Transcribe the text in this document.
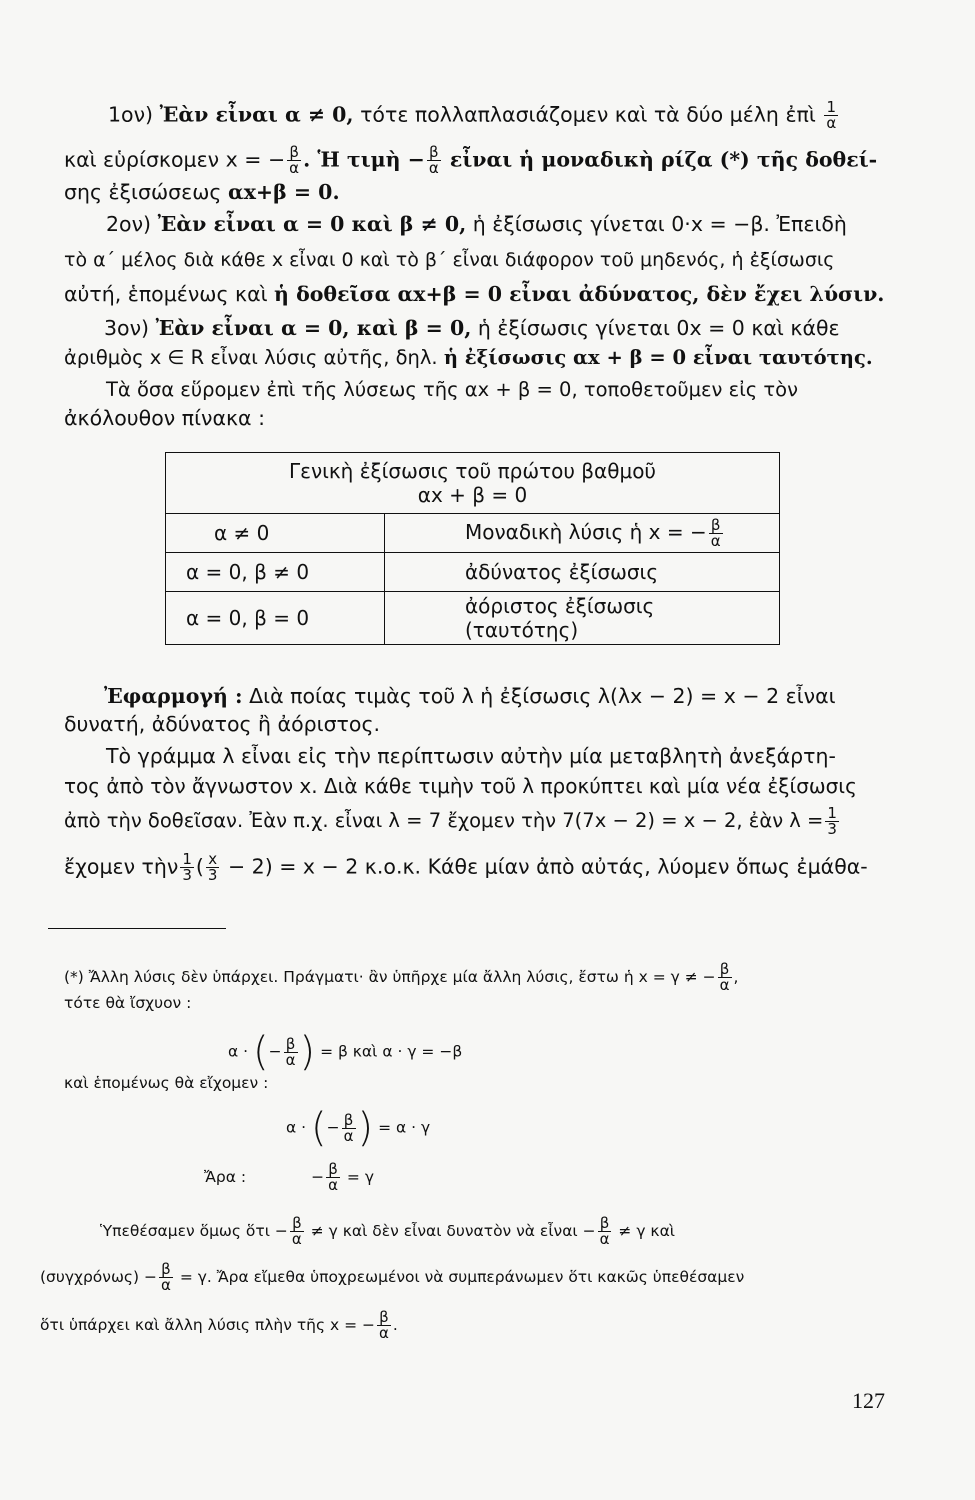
1ον) Ἐὰν εἶναι α ≠ 0, τότε πολλαπλασιάζομεν καὶ τὰ δύο μέλη ἐπὶ $\frac{1}{\alpha}$
καὶ εὑρίσκομεν x = − $\frac{\beta}{\alpha}$ . Ἡ τιμὴ − $\frac{\beta}{\alpha}$ εἶναι ἡ μοναδικὴ ρίζα (*) τῆς δοθεί-
σης ἐξισώσεως αx+β = 0.
2ον) Ἐὰν εἶναι α = 0 καὶ β ≠ 0, ἡ ἐξίσωσις γίνεται 0·x = −β. Ἐπειδὴ
τὸ α΄ μέλος διὰ κάθε x εἶναι 0 καὶ τὸ β΄ εἶναι διάφορον τοῦ μηδενός, ἡ ἐξίσωσις
αὐτή, ἑπομένως καὶ ἡ δοθεῖσα αx+β = 0 εἶναι ἀδύνατος, δὲν ἔχει λύσιν.
3ον) Ἐὰν εἶναι α = 0, καὶ β = 0, ἡ ἐξίσωσις γίνεται 0x = 0 καὶ κάθε
ἀριθμὸς x ∈ R εἶναι λύσις αὐτῆς, δηλ. ἡ ἐξίσωσις αx + β = 0 εἶναι ταυτότης.
Τὰ ὅσα εὕρομεν ἐπὶ τῆς λύσεως τῆς αx + β = 0, τοποθετοῦμεν εἰς τὸν
ἀκόλουθον πίνακα :
Γενικὴ ἐξίσωσις τοῦ πρώτου βαθμοῦ
αx + β = 0	

α ≠ 0	Μοναδικὴ λύσις ἡ x = − $\frac{\beta}{\alpha}$

α = 0, β ≠ 0	ἀδύνατος ἐξίσωσις
α = 0, β = 0	ἀόριστος ἐξίσωσις (ταυτότης)
Ἐφαρμογή : Διὰ ποίας τιμὰς τοῦ λ ἡ ἐξίσωσις λ(λx − 2) = x − 2 εἶναι
δυνατή, ἀδύνατος ἢ ἀόριστος.
Τὸ γράμμα λ εἶναι εἰς τὴν περίπτωσιν αὐτὴν μία μεταβλητὴ ἀνεξάρτη-
τος ἀπὸ τὸν ἄγνωστον x. Διὰ κάθε τιμὴν τοῦ λ προκύπτει καὶ μία νέα ἐξίσωσις
ἀπὸ τὴν δοθεῖσαν. Ἐὰν π.χ. εἶναι λ = 7 ἔχομεν τὴν 7(7x − 2) = x − 2, ἐὰν $\lambda = \frac{1}{3}$
ἔχομεν τὴν $\frac{1}{3}$ ( $\frac{x}{3} - 2) = x - 2$ κ.ο.κ. Κάθε μίαν ἀπὸ αὐτάς, λύομεν ὅπως ἐμάθα-
(*) Ἄλλη λύσις δὲν ὑπάρχει. Πράγματι· ἂν ὑπῆρχε μία ἄλλη λύσις, ἔστω ἡ x = γ ≠ − $\frac{\beta}{\alpha}$ ,
τότε θὰ ἴσχυον :
α · (− $\frac{\beta}{\alpha}$ ) = β καὶ α · γ = −β
καὶ ἑπομένως θὰ εἴχομεν :
α · (− $\frac{\beta}{\alpha}$ ) = α · γ
Ἄρα :	− $\frac{\beta}{\alpha} = \gamma$
Ὑπεθέσαμεν ὅμως ὅτι − $\frac{\beta}{\alpha} \ne \gamma$ καὶ δὲν εἶναι δυνατὸν νὰ εἶναι − $\frac{\beta}{\alpha} \ne \gamma$ καὶ
$(\sigma\upsilon\gamma\chi\rho ό\nu\omega\varsigma) - \frac{\beta}{\alpha} = \gamma$. Ἄρα εἴμεθα ὑποχρεωμένοι νὰ συμπεράνωμεν ὅτι κακῶς ὑπεθέσαμεν
ὅτι ὑπάρχει καὶ ἄλλη λύσις πλὴν τῆς x = − $\frac{\beta}{\alpha}$ .
127
